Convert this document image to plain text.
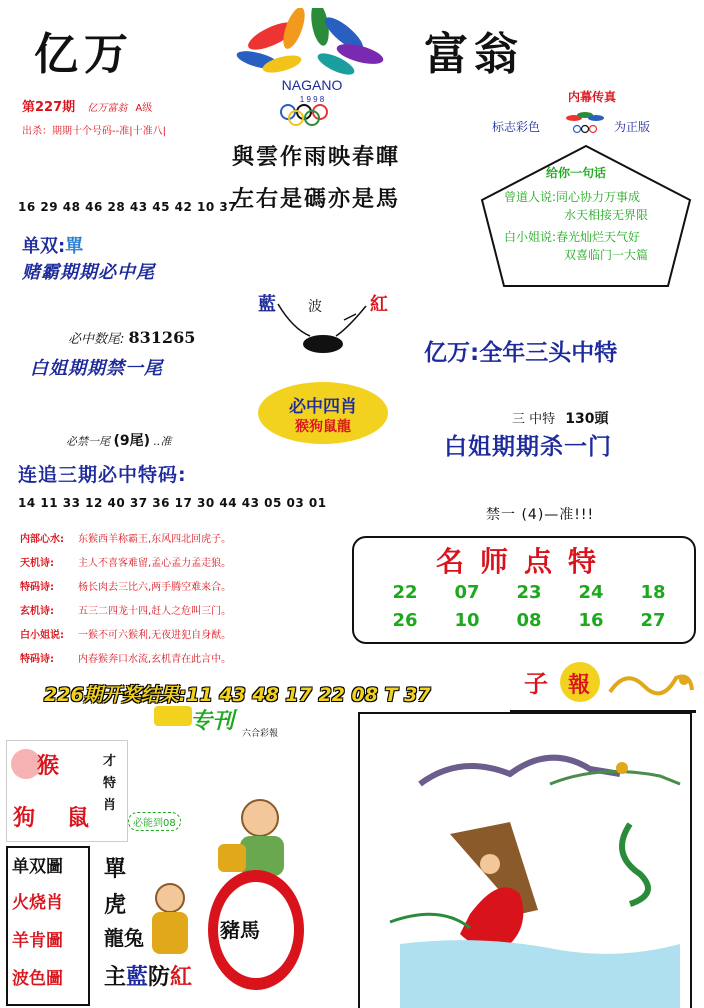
亿万	富翁
NAGANO
1 9 9 8
第227期 亿万富翁 A级
出杀：期期十个号码--准|十准八|
内幕传真
标志彩色	为正版
與雲作雨映春暉
左右是碼亦是馬
给你一句话
曾道人说:同心协力万事成
水天相接无界限
白小姐说:春光灿烂天气好
双喜临门一大篇
16 29 48 46 28 43 45 42 10 37
单双:單
赌霸期期必中尾
藍 波	紅
必中数尾: 831265
白姐期期禁一尾
亿万:全年三头中特
必中四肖
猴狗鼠龍	三 中特 130頭
白姐期期杀一门
必禁一尾 (9尾) ..准
连追三期必中特码:
14 11 33 12 40 37 36 17 30 44 43 05 03 01
禁一 (4)—准!!!
内部心水: 东猴西羊称霸王,东风四北回虎子。
天机诗: 主人不喜客难留,孟心孟力孟走狼。
特码诗: 杨长肉去三比六,两手腾空难来合。
玄机诗: 五三二四龙十四,赶人之危叫三门。
白小姐说: 一猴不可六猴利,无夜进犯自身猷。
特码诗: 内春猴奔口水流,玄机青在此言中。
名师点特
22 07 23 24 18
26 10 08 16 27
226期开奖结果:11 43 48 17 22 08 T 37
专刊 六合彩報
子 報
猴
狗 鼠
才特肖
必能到08
单双圖
火烧肖
羊肯圖
波色圖
單
虎
龍兔	豬馬
主藍防紅
